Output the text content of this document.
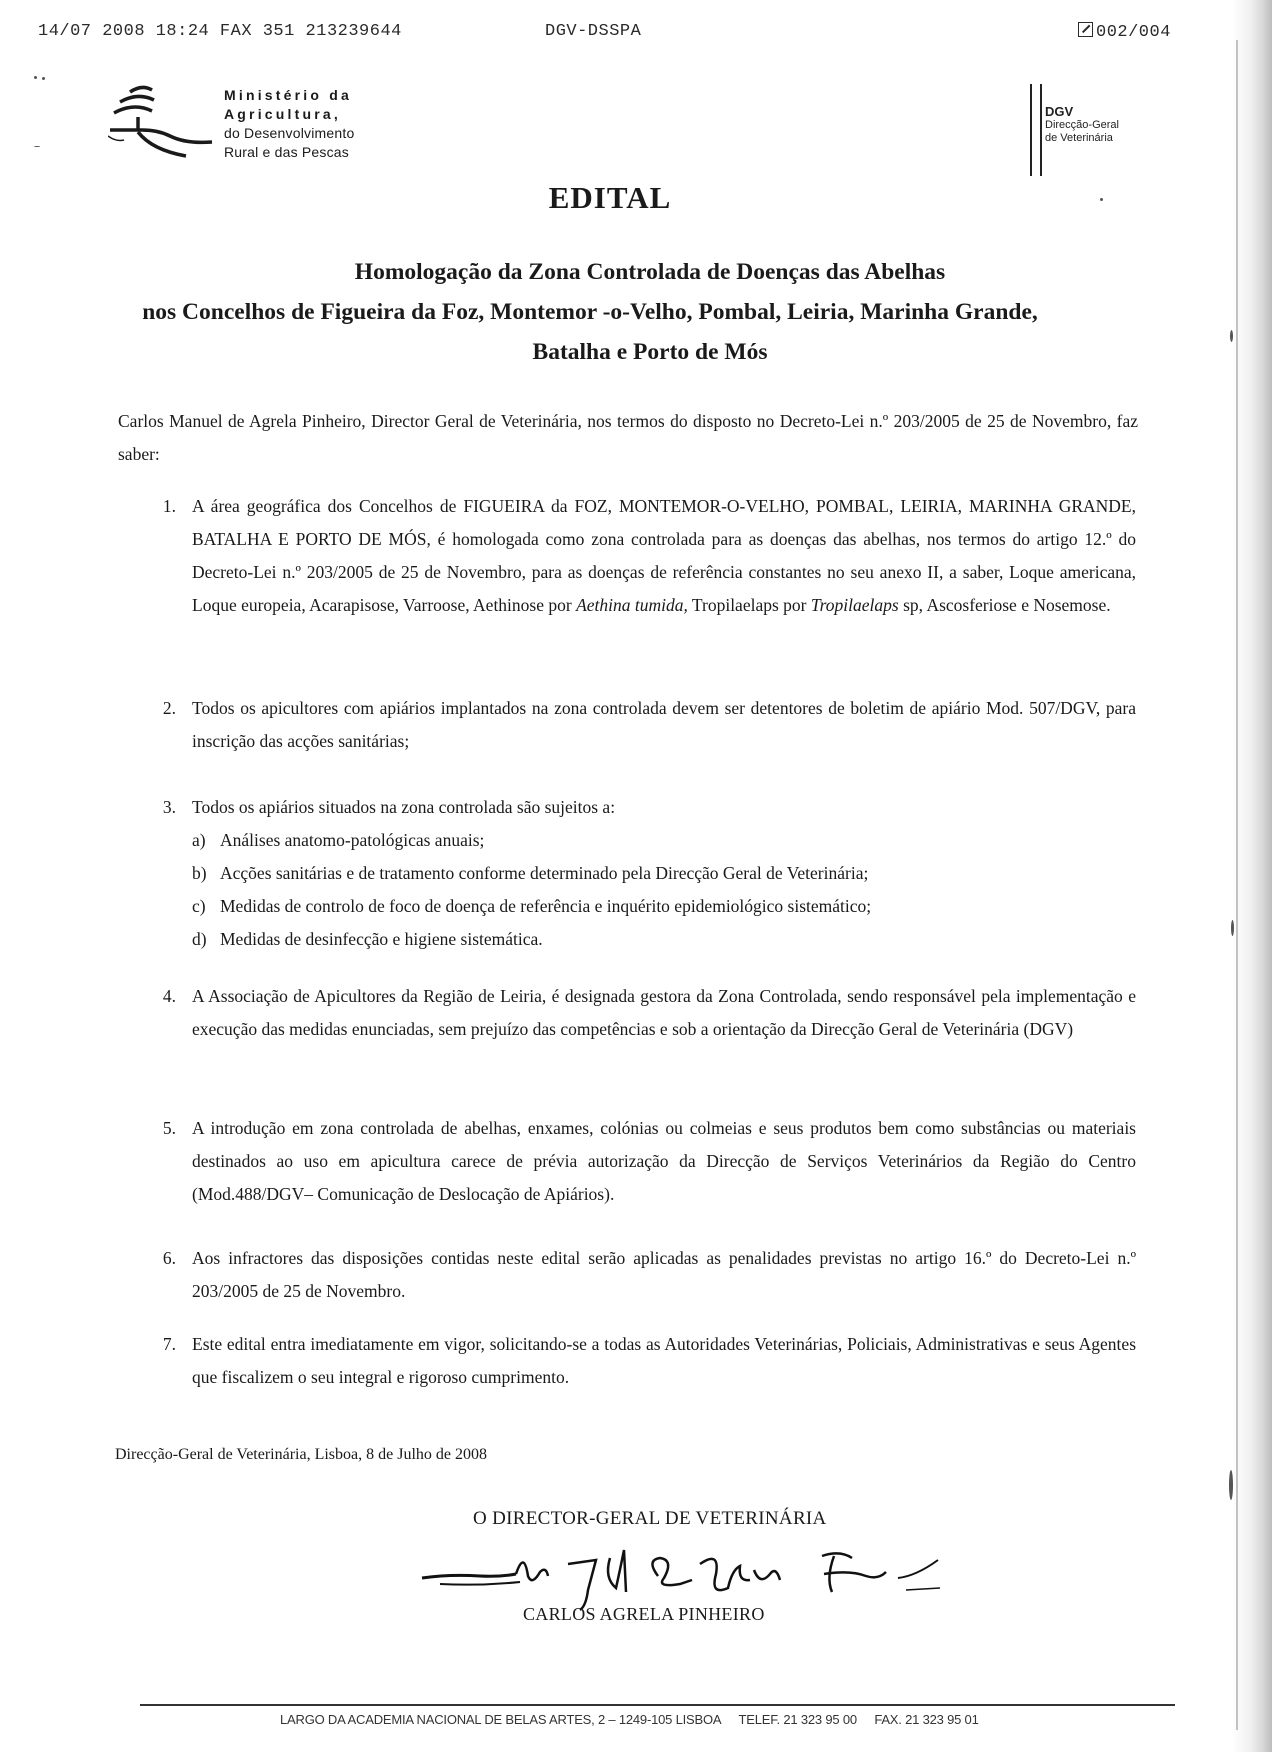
14/07 2008 18:24 FAX 351 213239644	DGV-DSSPA	002/004
Ministério da
Agricultura,
do Desenvolvimento
Rural e das Pescas
DGV
Direcção-Geral
de Veterinária
EDITAL
Homologação da Zona Controlada de Doenças das Abelhas
nos Concelhos de Figueira da Foz, Montemor -o-Velho, Pombal, Leiria, Marinha Grande,
Batalha e Porto de Mós
Carlos Manuel de Agrela Pinheiro, Director Geral de Veterinária, nos termos do disposto no Decreto-Lei n.º 203/2005 de 25 de Novembro, faz saber:
1. A área geográfica dos Concelhos de FIGUEIRA da FOZ, MONTEMOR-O-VELHO, POMBAL, LEIRIA, MARINHA GRANDE, BATALHA E PORTO DE MÓS, é homologada como zona controlada para as doenças das abelhas, nos termos do artigo 12.º do Decreto-Lei n.º 203/2005 de 25 de Novembro, para as doenças de referência constantes no seu anexo II, a saber, Loque americana, Loque europeia, Acarapisose, Varroose, Aethinose por Aethina tumida, Tropilaelaps por Tropilaelaps sp, Ascosferiose e Nosemose.
2. Todos os apicultores com apiários implantados na zona controlada devem ser detentores de boletim de apiário Mod. 507/DGV, para inscrição das acções sanitárias;
3. Todos os apiários situados na zona controlada são sujeitos a:
a) Análises anatomo-patológicas anuais;
b) Acções sanitárias e de tratamento conforme determinado pela Direcção Geral de Veterinária;
c) Medidas de controlo de foco de doença de referência e inquérito epidemiológico sistemático;
d) Medidas de desinfecção e higiene sistemática.
4. A Associação de Apicultores da Região de Leiria, é designada gestora da Zona Controlada, sendo responsável pela implementação e execução das medidas enunciadas, sem prejuízo das competências e sob a orientação da Direcção Geral de Veterinária (DGV)
5. A introdução em zona controlada de abelhas, enxames, colónias ou colmeias e seus produtos bem como substâncias ou materiais destinados ao uso em apicultura carece de prévia autorização da Direcção de Serviços Veterinários da Região do Centro (Mod.488/DGV– Comunicação de Deslocação de Apiários).
6. Aos infractores das disposições contidas neste edital serão aplicadas as penalidades previstas no artigo 16.º do Decreto-Lei n.º 203/2005 de 25 de Novembro.
7. Este edital entra imediatamente em vigor, solicitando-se a todas as Autoridades Veterinárias, Policiais, Administrativas e seus Agentes que fiscalizem o seu integral e rigoroso cumprimento.
Direcção-Geral de Veterinária, Lisboa, 8 de Julho de 2008
O DIRECTOR-GERAL DE VETERINÁRIA
CARLOS AGRELA PINHEIRO
LARGO DA ACADEMIA NACIONAL DE BELAS ARTES, 2 – 1249-105 LISBOA TELEF. 21 323 95 00 FAX. 21 323 95 01
